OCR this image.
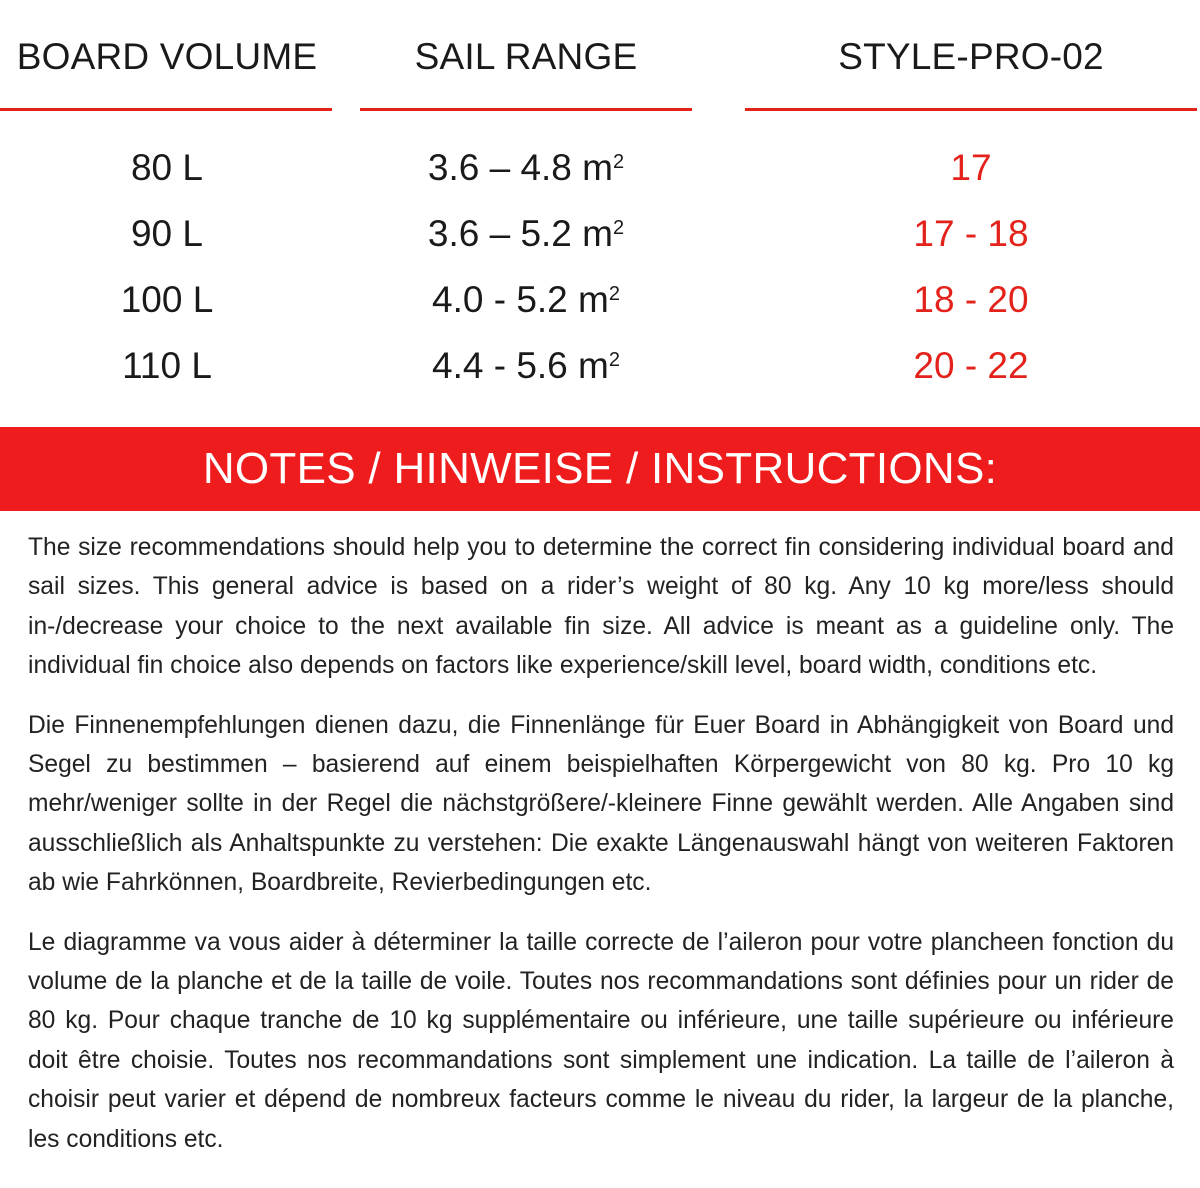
BOARD VOLUME	SAIL RANGE	STYLE-PRO-02
80 L	3.6 – 4.8 $m^2$	17
90 L	3.6 – 5.2 $m^2$	17 - 18
100 L	4.0 - 5.2 $m^2$	18 - 20
110 L	4.4 - 5.6 $m^2$	20 - 22
NOTES / HINWEISE / INSTRUCTIONS:

The size recommendations should help you to determine the correct fin considering individual board and sail sizes. This general advice is based on a rider’s weight of 80 kg. Any 10 kg more/less should in-/decrease your choice to the next available fin size. All advice is meant as a guideline only. The individual fin choice also depends on factors like experience/skill level, board width, conditions etc.

Die Finnenempfehlungen dienen dazu, die Finnenlänge für Euer Board in Abhängigkeit von Board und Segel zu bestimmen – basierend auf einem beispielhaften Körpergewicht von 80 kg. Pro 10 kg mehr/weniger sollte in der Regel die nächstgrößere/-kleinere Finne gewählt werden. Alle Angaben sind ausschließlich als Anhaltspunkte zu verstehen: Die exakte Längenauswahl hängt von weiteren Faktoren ab wie Fahrkönnen, Boardbreite, Revierbedingungen etc.

Le diagramme va vous aider à déterminer la taille correcte de l’aileron pour votre plancheen fonction du volume de la planche et de la taille de voile. Toutes nos recommandations sont définies pour un rider de 80 kg. Pour chaque tranche de 10 kg supplémentaire ou inférieure, une taille supérieure ou inférieure doit être choisie. Toutes nos recommandations sont simplement une indication. La taille de l’aileron à choisir peut varier et dépend de nombreux facteurs comme le niveau du rider, la largeur de la planche, les conditions etc.
